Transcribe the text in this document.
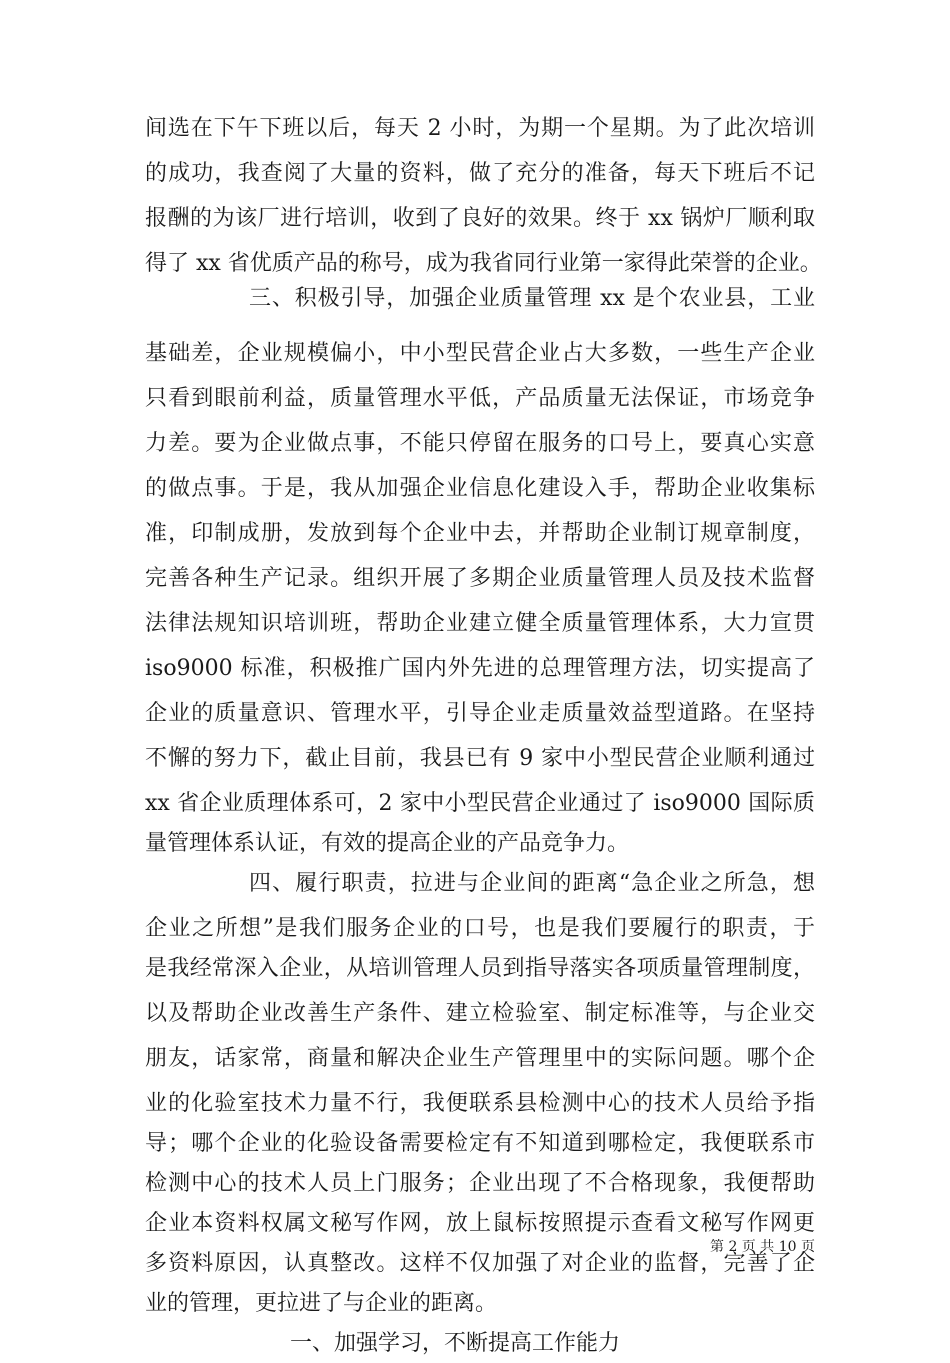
间选在下午下班以后，每天 2 小时，为期一个星期。为了此次培训
的成功，我查阅了大量的资料，做了充分的准备，每天下班后不记
报酬的为该厂进行培训，收到了良好的效果。终于 xx 锅炉厂顺利取
得了 xx 省优质产品的称号，成为我省同行业第一家得此荣誉的企业。
三、积极引导，加强企业质量管理 xx 是个农业县，工业
基础差，企业规模偏小，中小型民营企业占大多数，一些生产企业
只看到眼前利益，质量管理水平低，产品质量无法保证，市场竞争
力差。要为企业做点事，不能只停留在服务的口号上，要真心实意
的做点事。于是，我从加强企业信息化建设入手，帮助企业收集标
准，印制成册，发放到每个企业中去，并帮助企业制订规章制度，
完善各种生产记录。组织开展了多期企业质量管理人员及技术监督
法律法规知识培训班，帮助企业建立健全质量管理体系，大力宣贯
iso9000 标准，积极推广国内外先进的总理管理方法，切实提高了
企业的质量意识、管理水平，引导企业走质量效益型道路。在坚持
不懈的努力下，截止目前，我县已有 9 家中小型民营企业顺利通过
xx 省企业质理体系可，2 家中小型民营企业通过了 iso9000 国际质
量管理体系认证，有效的提高企业的产品竞争力。
四、履行职责，拉进与企业间的距离“急企业之所急，想
企业之所想”是我们服务企业的口号，也是我们要履行的职责，于
是我经常深入企业，从培训管理人员到指导落实各项质量管理制度，
以及帮助企业改善生产条件、建立检验室、制定标准等，与企业交
朋友，话家常，商量和解决企业生产管理里中的实际问题。哪个企
业的化验室技术力量不行，我便联系县检测中心的技术人员给予指
导；哪个企业的化验设备需要检定有不知道到哪检定，我便联系市
检测中心的技术人员上门服务；企业出现了不合格现象，我便帮助
企业本资料权属文秘写作网，放上鼠标按照提示查看文秘写作网更
多资料原因，认真整改。这样不仅加强了对企业的监督，完善了企
业的管理，更拉进了与企业的距离。
一、加强学习，不断提高工作能力
第 2 页 共 10 页
